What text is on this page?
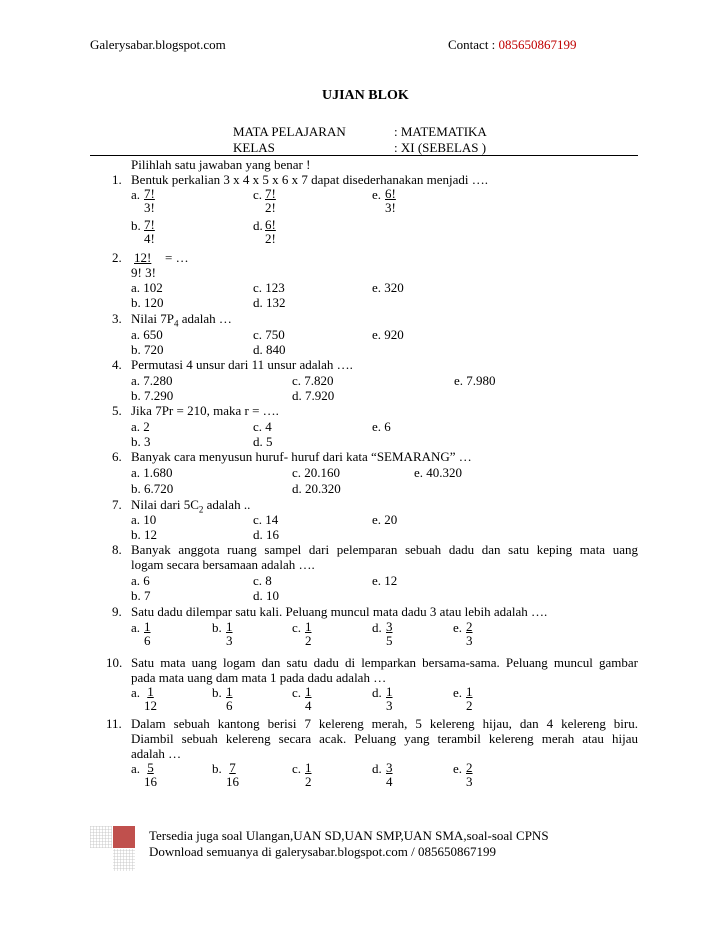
Galerysabar.blogspot.com	Contact : 085650867199
UJIAN BLOK
MATA PELAJARAN	: MATEMATIKA
KELAS	: XI (SEBELAS )
Pilihlah satu jawaban yang benar !
1. Bentuk perkalian 3 x 4 x 5 x 6 x 7 dapat disederhanakan menjadi ….
a. $\frac{7!}{3!}$	c. $\frac{7!}{2!}$	e. $\frac{6!}{3!}$
b. $\frac{7!}{4!}$	d. $\frac{6!}{2!}$
2. 12! = …
9! 3!
a. 102	c. 123	e. 320
b. 120	d. 132
3. Nilai $7P_4$ adalah …
a. 650	c. 750	e. 920
b. 720	d. 840
4. Permutasi 4 unsur dari 11 unsur adalah ….
a. 7.280	c. 7.820	e. 7.980
b. 7.290	d. 7.920
5. Jika 7Pr = 210, maka r = ….
a. 2	c. 4	e. 6
b. 3	d. 5
6. Banyak cara menyusun huruf- huruf dari kata “SEMARANG” …
a. 1.680	c. 20.160	e. 40.320
b. 6.720	d. 20.320
7. Nilai dari $5C_2$ adalah ..
a. 10	c. 14	e. 20
b. 12	d. 16
8. Banyak anggota ruang sampel dari pelemparan sebuah dadu dan satu keping mata uang
logam secara bersamaan adalah ….
a. 6	c. 8	e. 12
b. 7	d. 10
9. Satu dadu dilempar satu kali. Peluang muncul mata dadu 3 atau lebih adalah ….
a. $\frac{1}{6}$	b. $\frac{1}{3}$	c. $\frac{1}{2}$	d. $\frac{3}{5}$	e. $\frac{2}{3}$
10. Satu mata uang logam dan satu dadu di lemparkan bersama-sama. Peluang muncul gambar
pada mata uang dam mata 1 pada dadu adalah …
a. $\frac{1}{12}$	b. $\frac{1}{6}$	c. $\frac{1}{4}$	d. $\frac{1}{3}$	e. $\frac{1}{2}$
11. Dalam sebuah kantong berisi 7 kelereng merah, 5 kelereng hijau, dan 4 kelereng biru.
Diambil sebuah kelereng secara acak. Peluang yang terambil kelereng merah atau hijau
adalah …
a. $\frac{5}{16}$	b. $\frac{7}{16}$	c. $\frac{1}{2}$	d. $\frac{3}{4}$	e. $\frac{2}{3}$
Tersedia juga soal Ulangan,UAN SD,UAN SMP,UAN SMA,soal-soal CPNS
Download semuanya di galerysabar.blogspot.com / 085650867199
